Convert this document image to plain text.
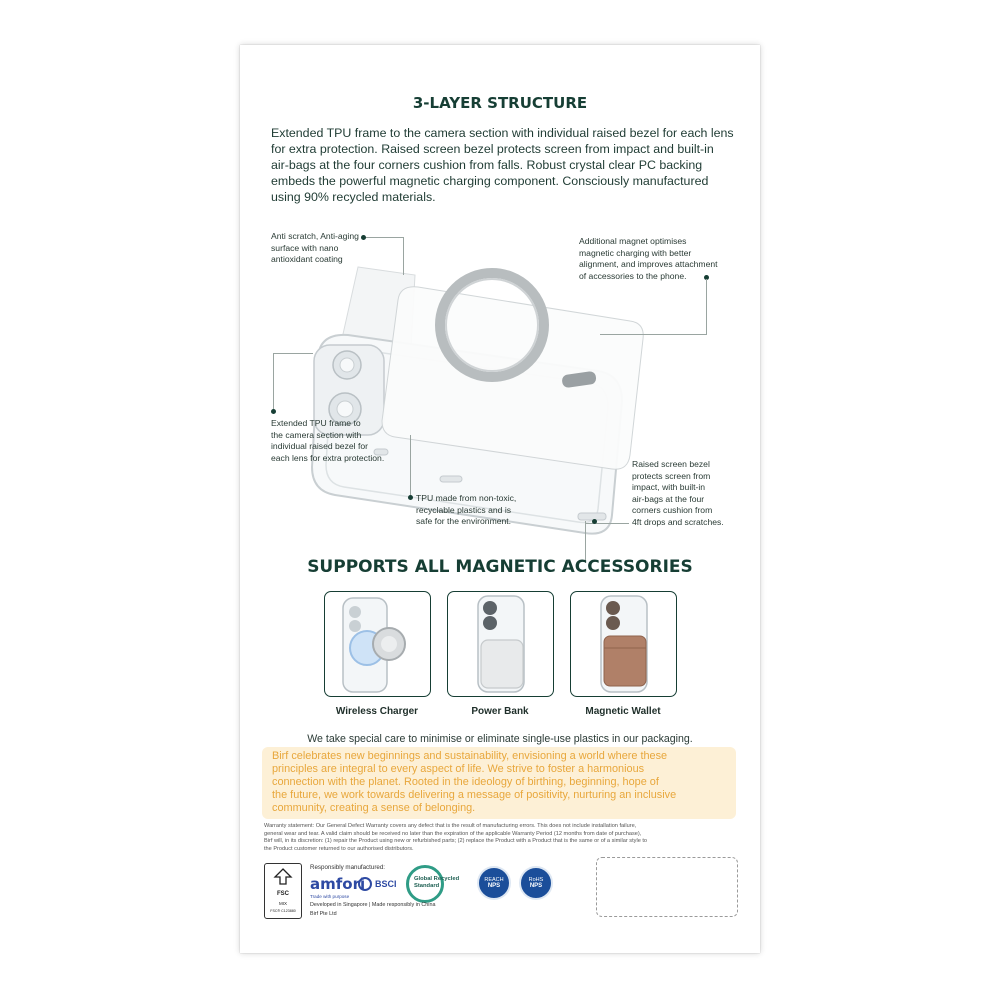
3-LAYER STRUCTURE
Extended TPU frame to the camera section with individual raised bezel for each lens
for extra protection. Raised screen bezel protects screen from impact and built-in
air-bags at the four corners cushion from falls. Robust crystal clear PC backing
embeds the powerful magnetic charging component. Consciously manufactured
using 90% recycled materials.
Anti scratch, Anti-aging
surface with nano
antioxidant coating
Additional magnet optimises
magnetic charging with better
alignment, and improves attachment
of accessories to the phone.
Extended TPU frame to
the camera section with
individual raised bezel for
each lens for extra protection.
TPU made from non-toxic,
recyclable plastics and is
safe for the environment.
Raised screen bezel
protects screen from
impact, with built-in
air-bags at the four
corners cushion from
4ft drops and scratches.
SUPPORTS ALL MAGNETIC ACCESSORIES
Wireless Charger	Power Bank	Magnetic Wallet
We take special care to minimise or eliminate single-use plastics in our packaging.
Birf celebrates new beginnings and sustainability, envisioning a world where these
principles are integral to every aspect of life. We strive to foster a harmonious
connection with the planet. Rooted in the ideology of birthing, beginning, hope of
the future, we work towards delivering a message of positivity, nurturing an inclusive
community, creating a sense of belonging.
Warranty statement: Our General Defect Warranty covers any defect that is the result of manufacturing errors. This does not include installation failure,
general wear and tear. A valid claim should be received no later than the expiration of the applicable Warranty Period (12 months from date of purchase),
Birf will, in its discretion: (1) repair the Product using new or refurbished parts; (2) replace the Product with a Product that is the same or of a similar style to
the Product customer returned to our authorised distributors.
FSC
MIX
FSC® C123880
Responsibly manufactured:
amfori
Trade with purpose
BSCI	Global Recycled Standard
REACH
NPS
RoHS
NPS
Developed in Singapore | Made responsibly in China
Birf Pte Ltd
